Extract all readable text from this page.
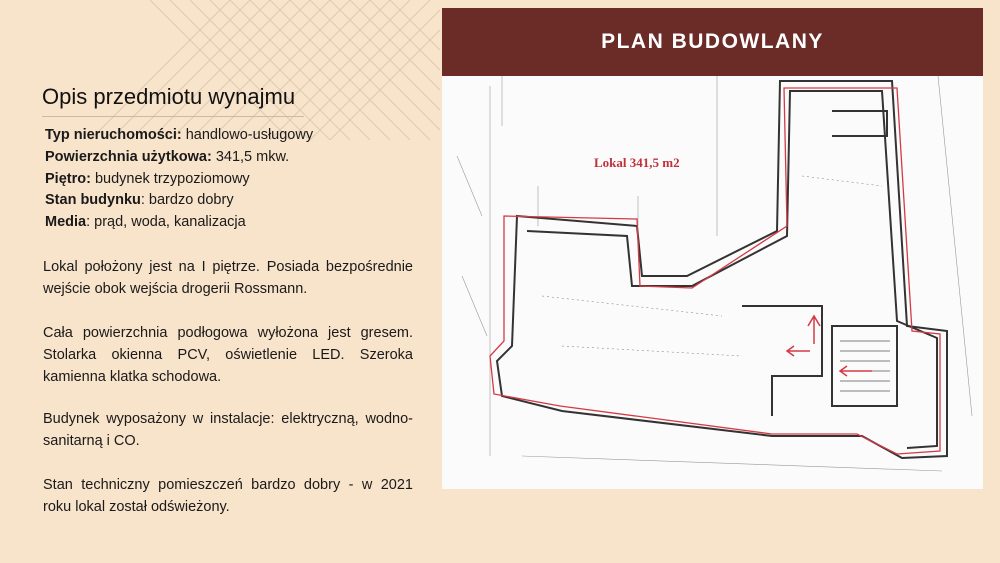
Opis przedmiotu wynajmu
Typ nieruchomości: handlowo-usługowy
Powierzchnia użytkowa: 341,5 mkw.
Piętro: budynek trzypoziomowy
Stan budynku: bardzo dobry
Media: prąd, woda, kanalizacja

Lokal położony jest na I piętrze. Posiada bezpośrednie wejście obok wejścia drogerii Rossmann.

Cała powierzchnia podłogowa wyłożona jest gresem. Stolarka okienna PCV, oświetlenie LED. Szeroka kamienna klatka schodowa.

Budynek wyposażony w instalacje: elektryczną, wodno-sanitarną i CO.

Stan techniczny pomieszczeń bardzo dobry - w 2021 roku lokal został odświeżony.

PLAN BUDOWLANY
Lokal 341,5 m2
